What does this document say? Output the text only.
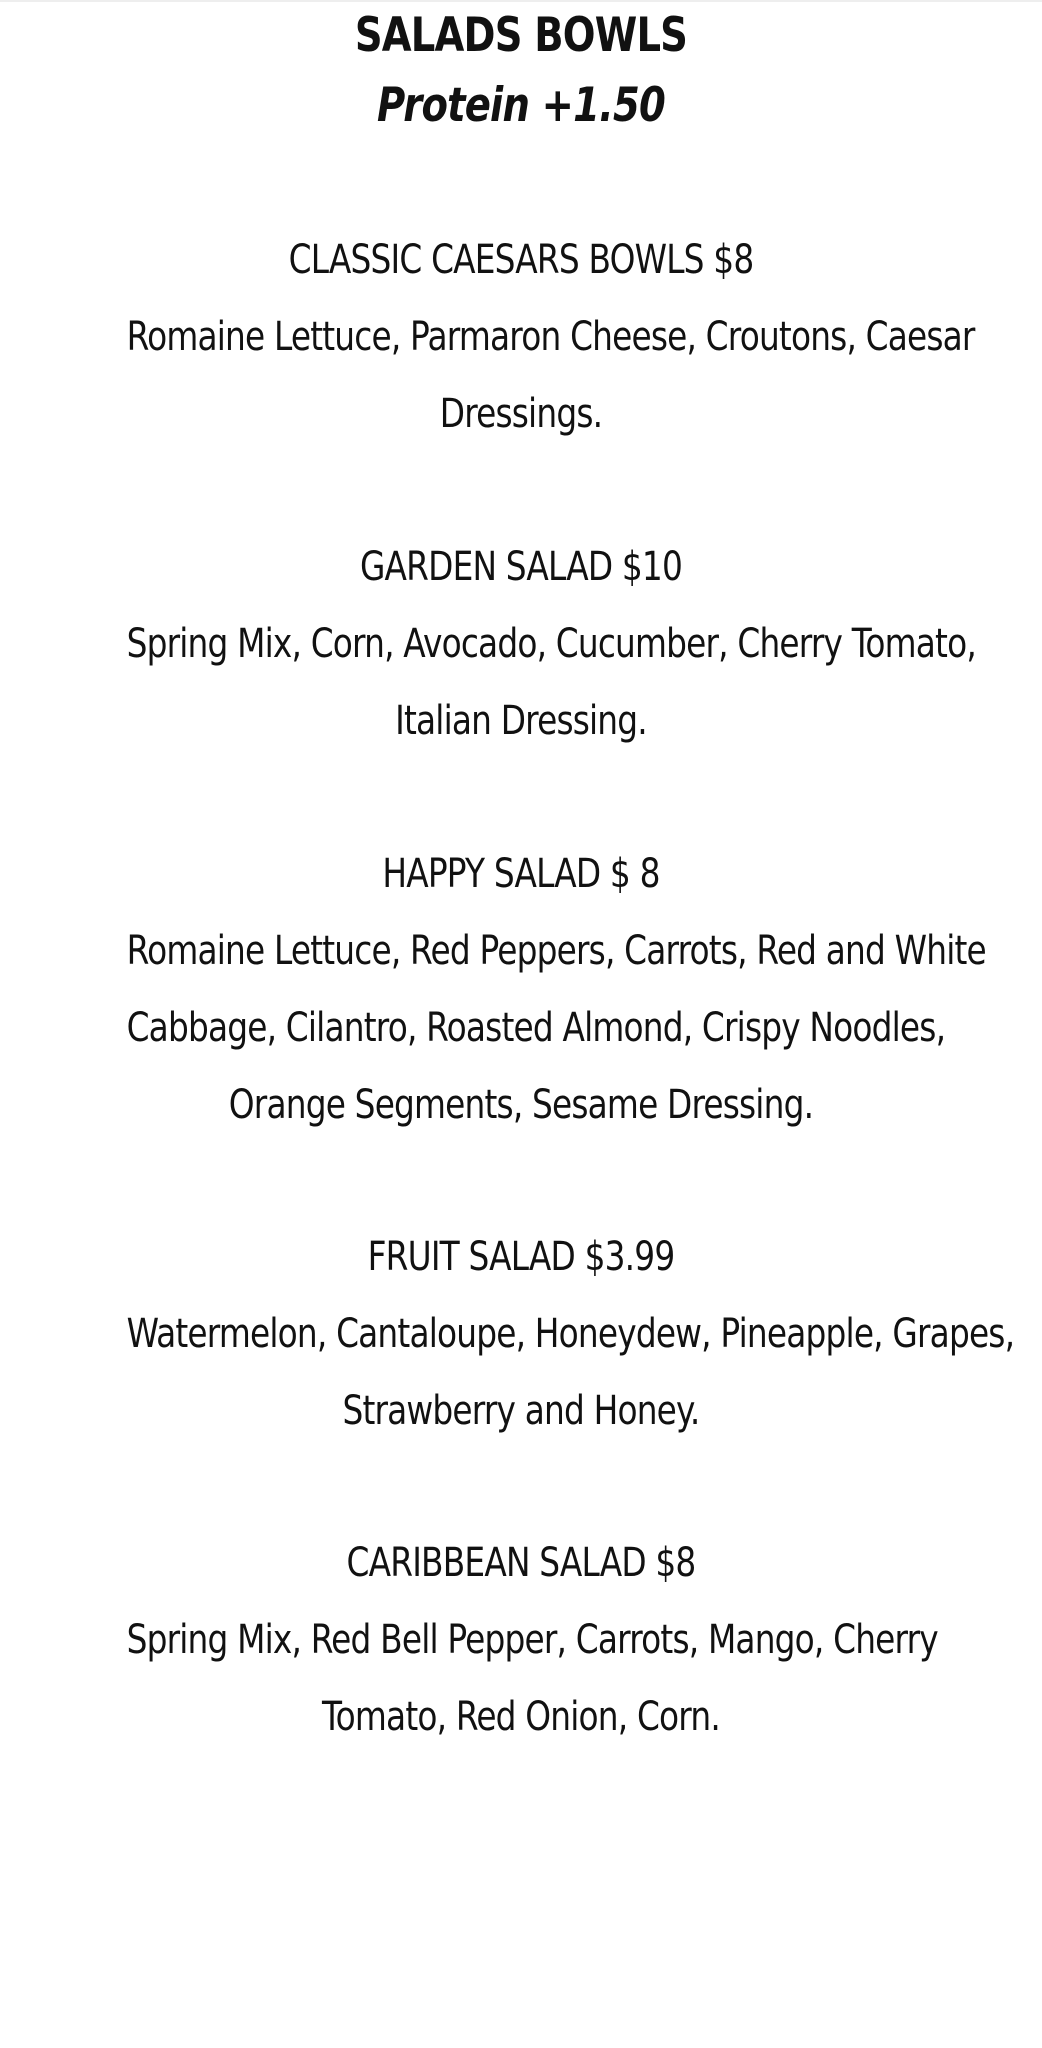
SALADS BOWLS
Protein +1.50
CLASSIC CAESARS BOWLS $8
Romaine Lettuce, Parmaron Cheese, Croutons, Caesar
Dressings.
GARDEN SALAD $10
Spring Mix, Corn, Avocado, Cucumber, Cherry Tomato,
Italian Dressing.
HAPPY SALAD $ 8
Romaine Lettuce, Red Peppers, Carrots, Red and White
Cabbage, Cilantro, Roasted Almond, Crispy Noodles,
Orange Segments, Sesame Dressing.
FRUIT SALAD $3.99
Watermelon, Cantaloupe, Honeydew, Pineapple, Grapes,
Strawberry and Honey.
CARIBBEAN SALAD $8
Spring Mix, Red Bell Pepper, Carrots, Mango, Cherry
Tomato, Red Onion, Corn.
